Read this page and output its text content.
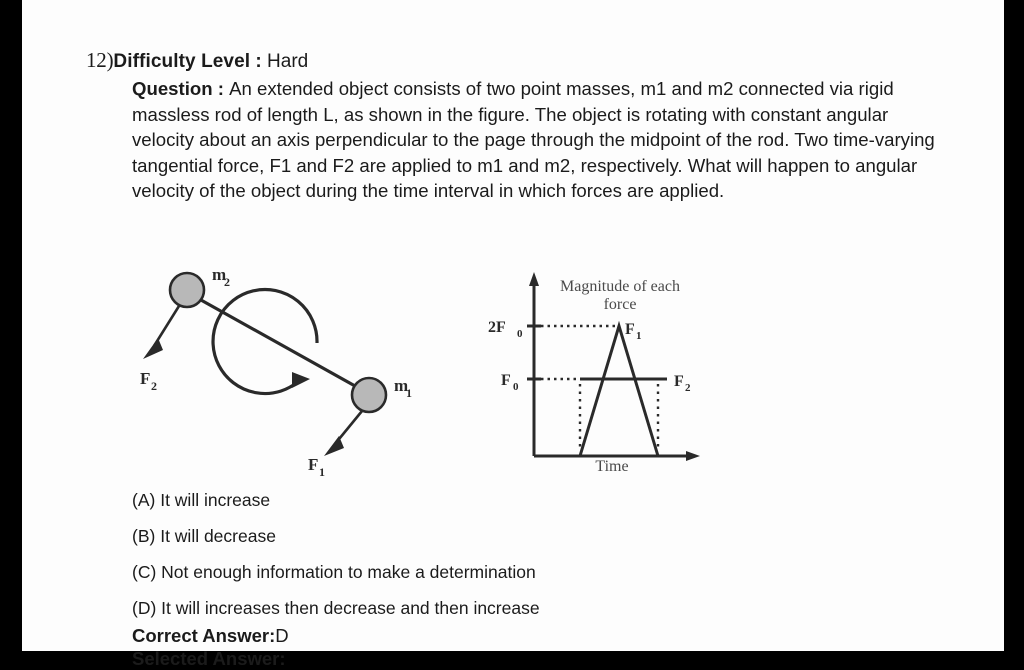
12)Difficulty Level : Hard
Question : An extended object consists of two point masses, m1 and m2 connected via rigid massless rod of length L, as shown in the figure. The object is rotating with constant angular velocity about an axis perpendicular to the page through the midpoint of the rod. Two time-varying tangential force, F1 and F2 are applied to m1 and m2, respectively. What will happen to angular velocity of the object during the time interval in which forces are applied.
m
2
m
1
F 2
F 1
2F 0
F 0
F 1
F 2
Magnitude of each
force
Time
(A) It will increase
(B) It will decrease
(C) Not enough information to make a determination
(D) It will increases then decrease and then increase
Correct Answer:D
Selected Answer:
